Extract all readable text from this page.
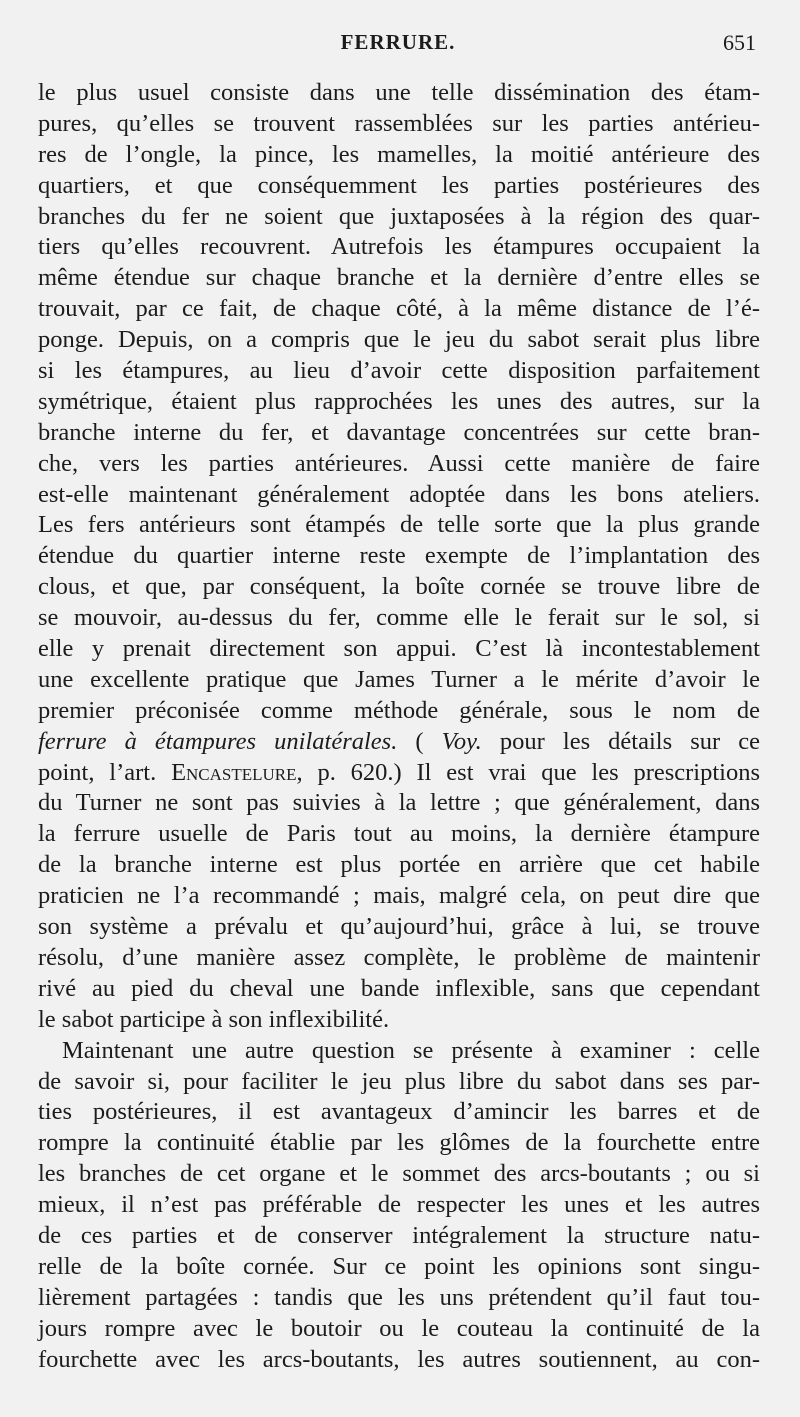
FERRURE.	651
le plus usuel consiste dans une telle dissémination des étam-
pures, qu’elles se trouvent rassemblées sur les parties antérieu-
res de l’ongle, la pince, les mamelles, la moitié antérieure des
quartiers, et que conséquemment les parties postérieures des
branches du fer ne soient que juxtaposées à la région des quar-
tiers qu’elles recouvrent. Autrefois les étampures occupaient la
même étendue sur chaque branche et la dernière d’entre elles se
trouvait, par ce fait, de chaque côté, à la même distance de l’é-
ponge. Depuis, on a compris que le jeu du sabot serait plus libre
si les étampures, au lieu d’avoir cette disposition parfaitement
symétrique, étaient plus rapprochées les unes des autres, sur la
branche interne du fer, et davantage concentrées sur cette bran-
che, vers les parties antérieures. Aussi cette manière de faire
est-elle maintenant généralement adoptée dans les bons ateliers.
Les fers antérieurs sont étampés de telle sorte que la plus grande
étendue du quartier interne reste exempte de l’implantation des
clous, et que, par conséquent, la boîte cornée se trouve libre de
se mouvoir, au-dessus du fer, comme elle le ferait sur le sol, si
elle y prenait directement son appui. C’est là incontestablement
une excellente pratique que James Turner a le mérite d’avoir le
premier préconisée comme méthode générale, sous le nom de
ferrure à étampures unilatérales. ( Voy. pour les détails sur ce
point, l’art. Encastelure, p. 620.) Il est vrai que les prescriptions
du Turner ne sont pas suivies à la lettre ; que généralement, dans
la ferrure usuelle de Paris tout au moins, la dernière étampure
de la branche interne est plus portée en arrière que cet habile
praticien ne l’a recommandé ; mais, malgré cela, on peut dire que
son système a prévalu et qu’aujourd’hui, grâce à lui, se trouve
résolu, d’une manière assez complète, le problème de maintenir
rivé au pied du cheval une bande inflexible, sans que cependant
le sabot participe à son inflexibilité.
Maintenant une autre question se présente à examiner : celle
de savoir si, pour faciliter le jeu plus libre du sabot dans ses par-
ties postérieures, il est avantageux d’amincir les barres et de
rompre la continuité établie par les glômes de la fourchette entre
les branches de cet organe et le sommet des arcs-boutants ; ou si
mieux, il n’est pas préférable de respecter les unes et les autres
de ces parties et de conserver intégralement la structure natu-
relle de la boîte cornée. Sur ce point les opinions sont singu-
lièrement partagées : tandis que les uns prétendent qu’il faut tou-
jours rompre avec le boutoir ou le couteau la continuité de la
fourchette avec les arcs-boutants, les autres soutiennent, au con-
